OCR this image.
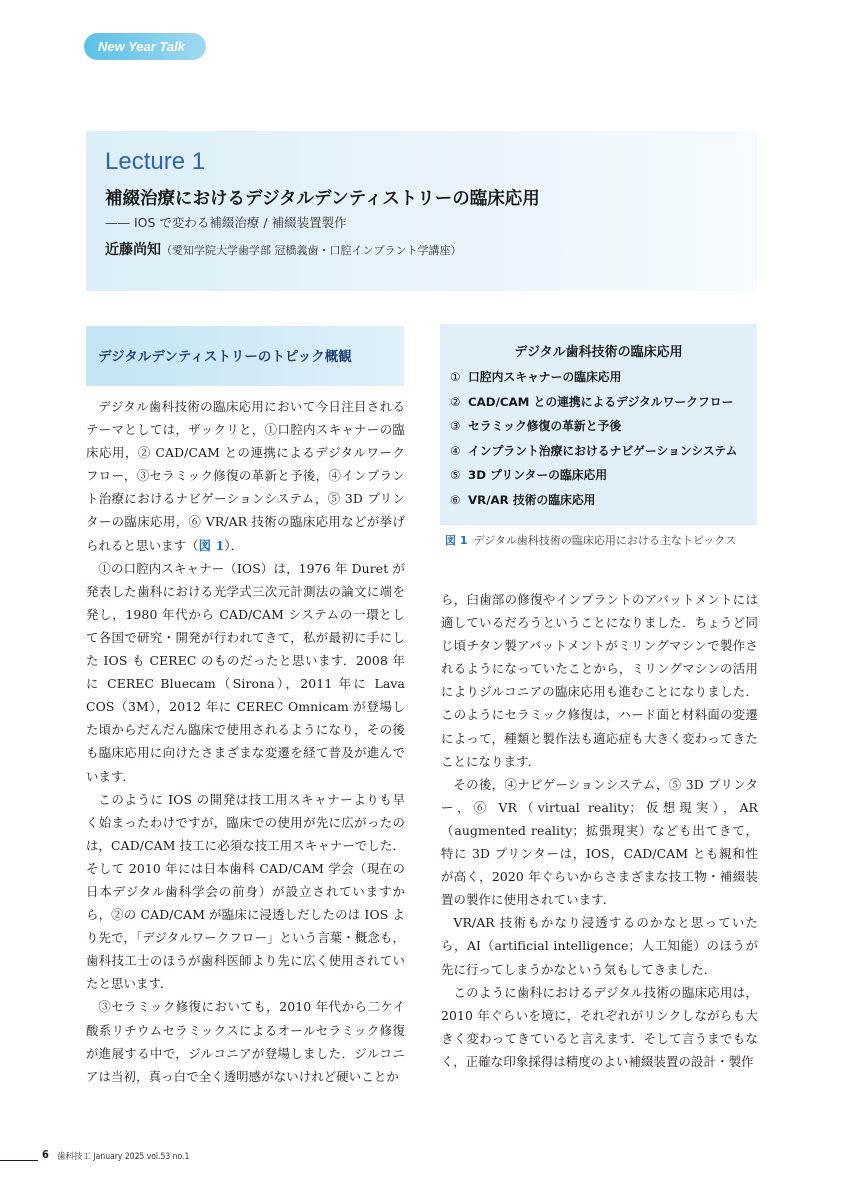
New Year Talk
Lecture 1
補綴治療におけるデジタルデンティストリーの臨床応用
—— IOS で変わる補綴治療 / 補綴装置製作
近藤尚知（愛知学院大学歯学部 冠橋義歯・口腔インプラント学講座）
デジタルデンティストリーのトピック概観

デジタル歯科技術の臨床応用において今日注目されるテーマとしては，ザックリと，①口腔内スキャナーの臨床応用，② CAD/CAM との連携によるデジタルワークフロー，③セラミック修復の革新と予後，④インプラント治療におけるナビゲーションシステム，⑤ 3D プリンターの臨床応用，⑥ VR/AR 技術の臨床応用などが挙げられると思います（図 1）．

①の口腔内スキャナー（IOS）は，1976 年 Duret が発表した歯科における光学式三次元計測法の論文に端を発し，1980 年代から CAD/CAM システムの一環として各国で研究・開発が行われてきて，私が最初に手にした IOS も CEREC のものだったと思います．2008 年に CEREC Bluecam（Sirona），2011 年に Lava COS（3M），2012 年に CEREC Omnicam が登場した頃からだんだん臨床で使用されるようになり，その後も臨床応用に向けたさまざまな変遷を経て普及が進んでいます．

このように IOS の開発は技工用スキャナーよりも早く始まったわけですが，臨床での使用が先に広がったのは，CAD/CAM 技工に必須な技工用スキャナーでした．そして 2010 年には日本歯科 CAD/CAM 学会（現在の日本デジタル歯科学会の前身）が設立されていますから，②の CAD/CAM が臨床に浸透しだしたのは IOS より先で，「デジタルワークフロー」という言葉・概念も，歯科技工士のほうが歯科医師より先に広く使用されていたと思います．

③セラミック修復においても，2010 年代から二ケイ酸系リチウムセラミックスによるオールセラミック修復が進展する中で，ジルコニアが登場しました．ジルコニアは当初，真っ白で全く透明感がないけれど硬いことか

デジタル歯科技術の臨床応用
① 口腔内スキャナーの臨床応用
② CAD/CAM との連携によるデジタルワークフロー
③ セラミック修復の革新と予後
④ インプラント治療におけるナビゲーションシステム
⑤ 3D プリンターの臨床応用
⑥ VR/AR 技術の臨床応用
図 1 デジタル歯科技術の臨床応用における主なトピックス

ら，臼歯部の修復やインプラントのアバットメントには適しているだろうということになりました．ちょうど同じ頃チタン製アバットメントがミリングマシンで製作されるようになっていたことから，ミリングマシンの活用によりジルコニアの臨床応用も進むことになりました．このようにセラミック修復は，ハード面と材料面の変遷によって，種類と製作法も適応症も大きく変わってきたことになります．

その後，④ナビゲーションシステム，⑤ 3D プリンター，⑥ VR（virtual reality；仮想現実），AR（augmented reality；拡張現実）なども出てきて，特に 3D プリンターは，IOS，CAD/CAM とも親和性が高く，2020 年ぐらいからさまざまな技工物・補綴装置の製作に使用されています．

VR/AR 技術もかなり浸透するのかなと思っていたら，AI（artificial intelligence；人工知能）のほうが先に行ってしまうかなという気もしてきました．

このように歯科におけるデジタル技術の臨床応用は，2010 年ぐらいを境に，それぞれがリンクしながらも大きく変わってきていると言えます．そして言うまでもなく，正確な印象採得は精度のよい補綴装置の設計・製作

6 歯科技工 January 2025 vol.53 no.1
